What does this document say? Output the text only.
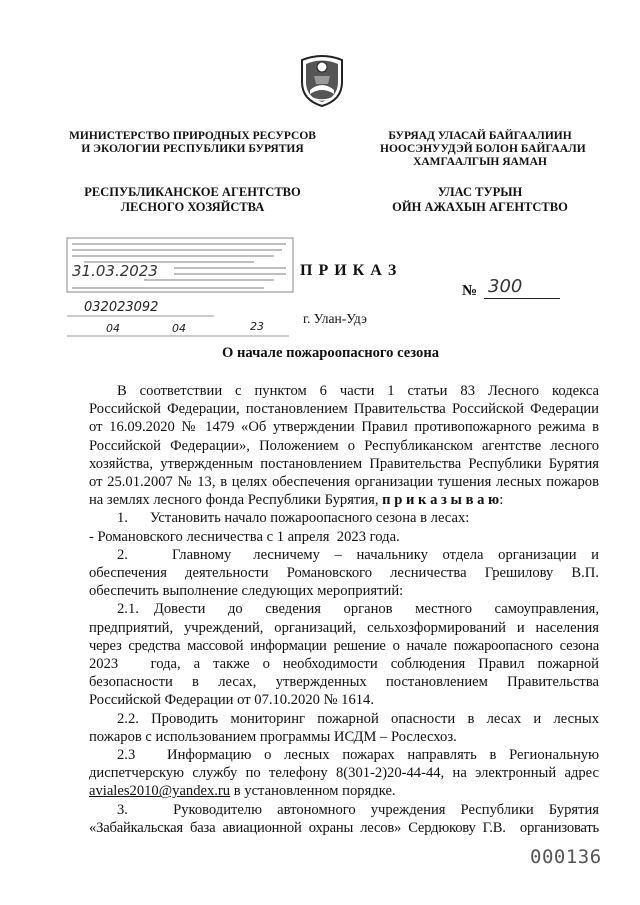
МИНИСТЕРСТВО ПРИРОДНЫХ РЕСУРСОВ
И ЭКОЛОГИИ РЕСПУБЛИКИ БУРЯТИЯ
РЕСПУБЛИКАНСКОЕ АГЕНТСТВО
ЛЕСНОГО ХОЗЯЙСТВА
БУРЯАД УЛАСАЙ БАЙГААЛИИН
НООСЭНУУДЭЙ БОЛОН БАЙГААЛИ
ХАМГААЛГЫН ЯАМАН
УЛАС ТУРЫН
ОЙН АЖАХЫН АГЕНТСТВО
31.03.2023
032023092
04	04	23
П Р И К А З
№ 300
г. Улан-Удэ
О начале пожароопасного сезона
В соответствии с пунктом 6 части 1 статьи 83 Лесного кодекса
Российской Федерации, постановлением Правительства Российской Федерации
от 16.09.2020 № 1479 «Об утверждении Правил противопожарного режима в
Российской Федерации», Положением о Республиканском агентстве лесного
хозяйства, утвержденным постановлением Правительства Республики Бурятия
от 25.01.2007 № 13, в целях обеспечения организации тушения лесных пожаров
на землях лесного фонда Республики Бурятия, п р и к а з ы в а ю:
1.      Установить начало пожароопасного сезона в лесах:
- Романовского лесничества с 1 апреля  2023 года.
2.      Главному   лесничему  –  начальнику  отдела  организации  и
обеспечения  деятельности  Романовского  лесничества  Грешилову  В.П.
обеспечить выполнение следующих мероприятий:
2.1.  Довести   до   сведения   органов   местного   самоуправления,
предприятий, учреждений, организаций, сельхозформирований и населения
через средства массовой информации решение о начале пожароопасного сезона
2023     года,  а  также  о  необходимости  соблюдения  Правил  пожарной
безопасности    в    лесах,    утвержденных    постановлением    Правительства
Российской Федерации от 07.10.2020 № 1614.
2.2.  Проводить  мониторинг  пожарной  опасности  в  лесах  и  лесных
пожаров с использованием программы ИСДМ – Рослесхоз.
2.3     Информацию  о  лесных  пожарах  направлять  в  Региональную
диспетчерскую службу по телефону 8(301-2)20-44-44, на электронный адрес
aviales2010@yandex.ru в установленном порядке.
3.      Руководителю  автономного  учреждения  Республики  Бурятия
«Забайкальская база авиационной охраны лесов» Сердюкову Г.В.  организовать
000136
